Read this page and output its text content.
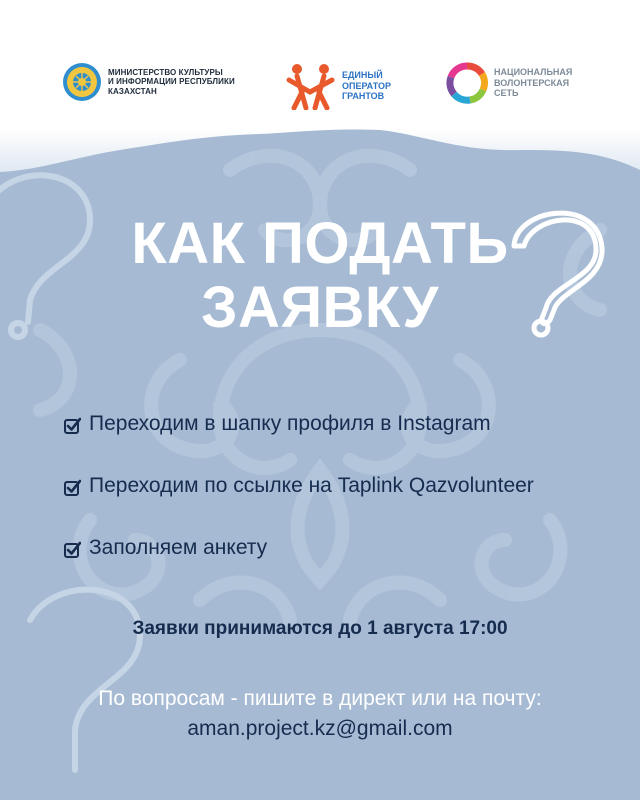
МИНИСТЕРСТВО КУЛЬТУРЫ
И ИНФОРМАЦИИ РЕСПУБЛИКИ
КАЗАХСТАН
ЕДИНЫЙ
ОПЕРАТОР
ГРАНТОВ
НАЦИОНАЛЬНАЯ
ВОЛОНТЕРСКАЯ
СЕТЬ
КАК ПОДАТЬ
ЗАЯВКУ
Переходим в шапку профиля в Instagram
Переходим по ссылке на Taplink Qazvolunteer
Заполняем анкету
Заявки принимаются до 1 августа 17:00
По вопросам - пишите в директ или на почту:
aman.project.kz@gmail.com
